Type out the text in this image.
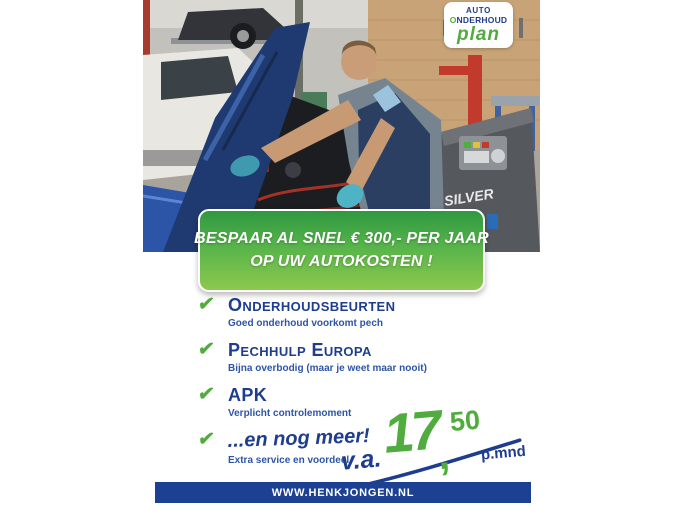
SILVER
AUTO
ONDERHOUD
plan
BESPAAR AL SNEL € 300,- PER JAAR
OP UW AUTOKOSTEN !
✔ Onderhoudsbeurten
Goed onderhoud voorkomt pech
✔ Pechhulp Europa
Bijna overbodig (maar je weet maar nooit)
✔ APK
Verplicht controlemoment
✔ ...en nog meer!
Extra service en voordeel
v.a.
17
,
50
p.mnd
WWW.HENKJONGEN.NL
